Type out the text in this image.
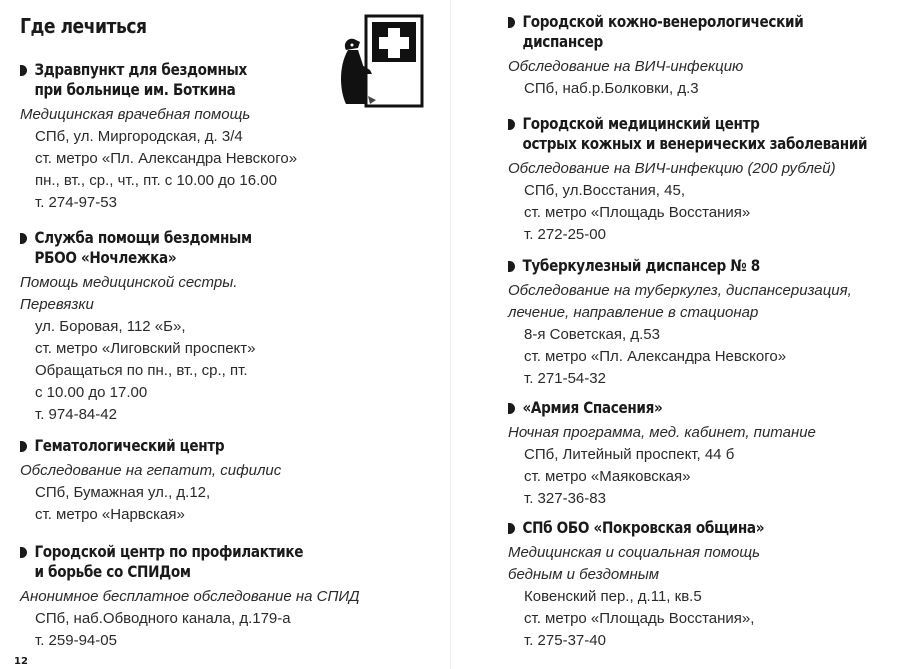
Где лечиться
Здравпункт для бездомных
при больнице им. Боткина
Медицинская врачебная помощь
СПб, ул. Миргородская, д. 3/4
ст. метро «Пл. Александра Невского»
пн., вт., ср., чт., пт. с 10.00 до 16.00
т. 274-97-53
Служба помощи бездомным
РБОО «Ночлежка»
Помощь медицинской сестры.
Перевязки
ул. Боровая, 112 «Б»,
ст. метро «Лиговский проспект»
Обращаться по пн., вт., ср., пт.
с 10.00 до 17.00
т. 974-84-42
Гематологический центр
Обследование на гепатит, сифилис
СПб, Бумажная ул., д.12,
ст. метро «Нарвская»
Городской центр по профилактике
и борьбе со СПИДом
Анонимное бесплатное обследование на СПИД
СПб, наб.Обводного канала, д.179-а
т. 259-94-05
12
Городской кожно-венерологический
диспансер
Обследование на ВИЧ-инфекцию
СПб, наб.р.Болковки, д.3
Городской медицинский центр
острых кожных и венерических заболеваний
Обследование на ВИЧ-инфекцию (200 рублей)
СПб, ул.Восстания, 45,
ст. метро «Площадь Восстания»
т. 272-25-00
Туберкулезный диспансер № 8
Обследование на туберкулез, диспансеризация,
лечение, направление в стационар
8-я Советская, д.53
ст. метро «Пл. Александра Невского»
т. 271-54-32
«Армия Спасения»
Ночная программа, мед. кабинет, питание
СПб, Литейный проспект, 44 б
ст. метро «Маяковская»
т. 327-36-83
СПб ОБО «Покровская община»
Медицинская и социальная помощь
бедным и бездомным
Ковенский пер., д.11, кв.5
ст. метро «Площадь Восстания»,
т. 275-37-40
